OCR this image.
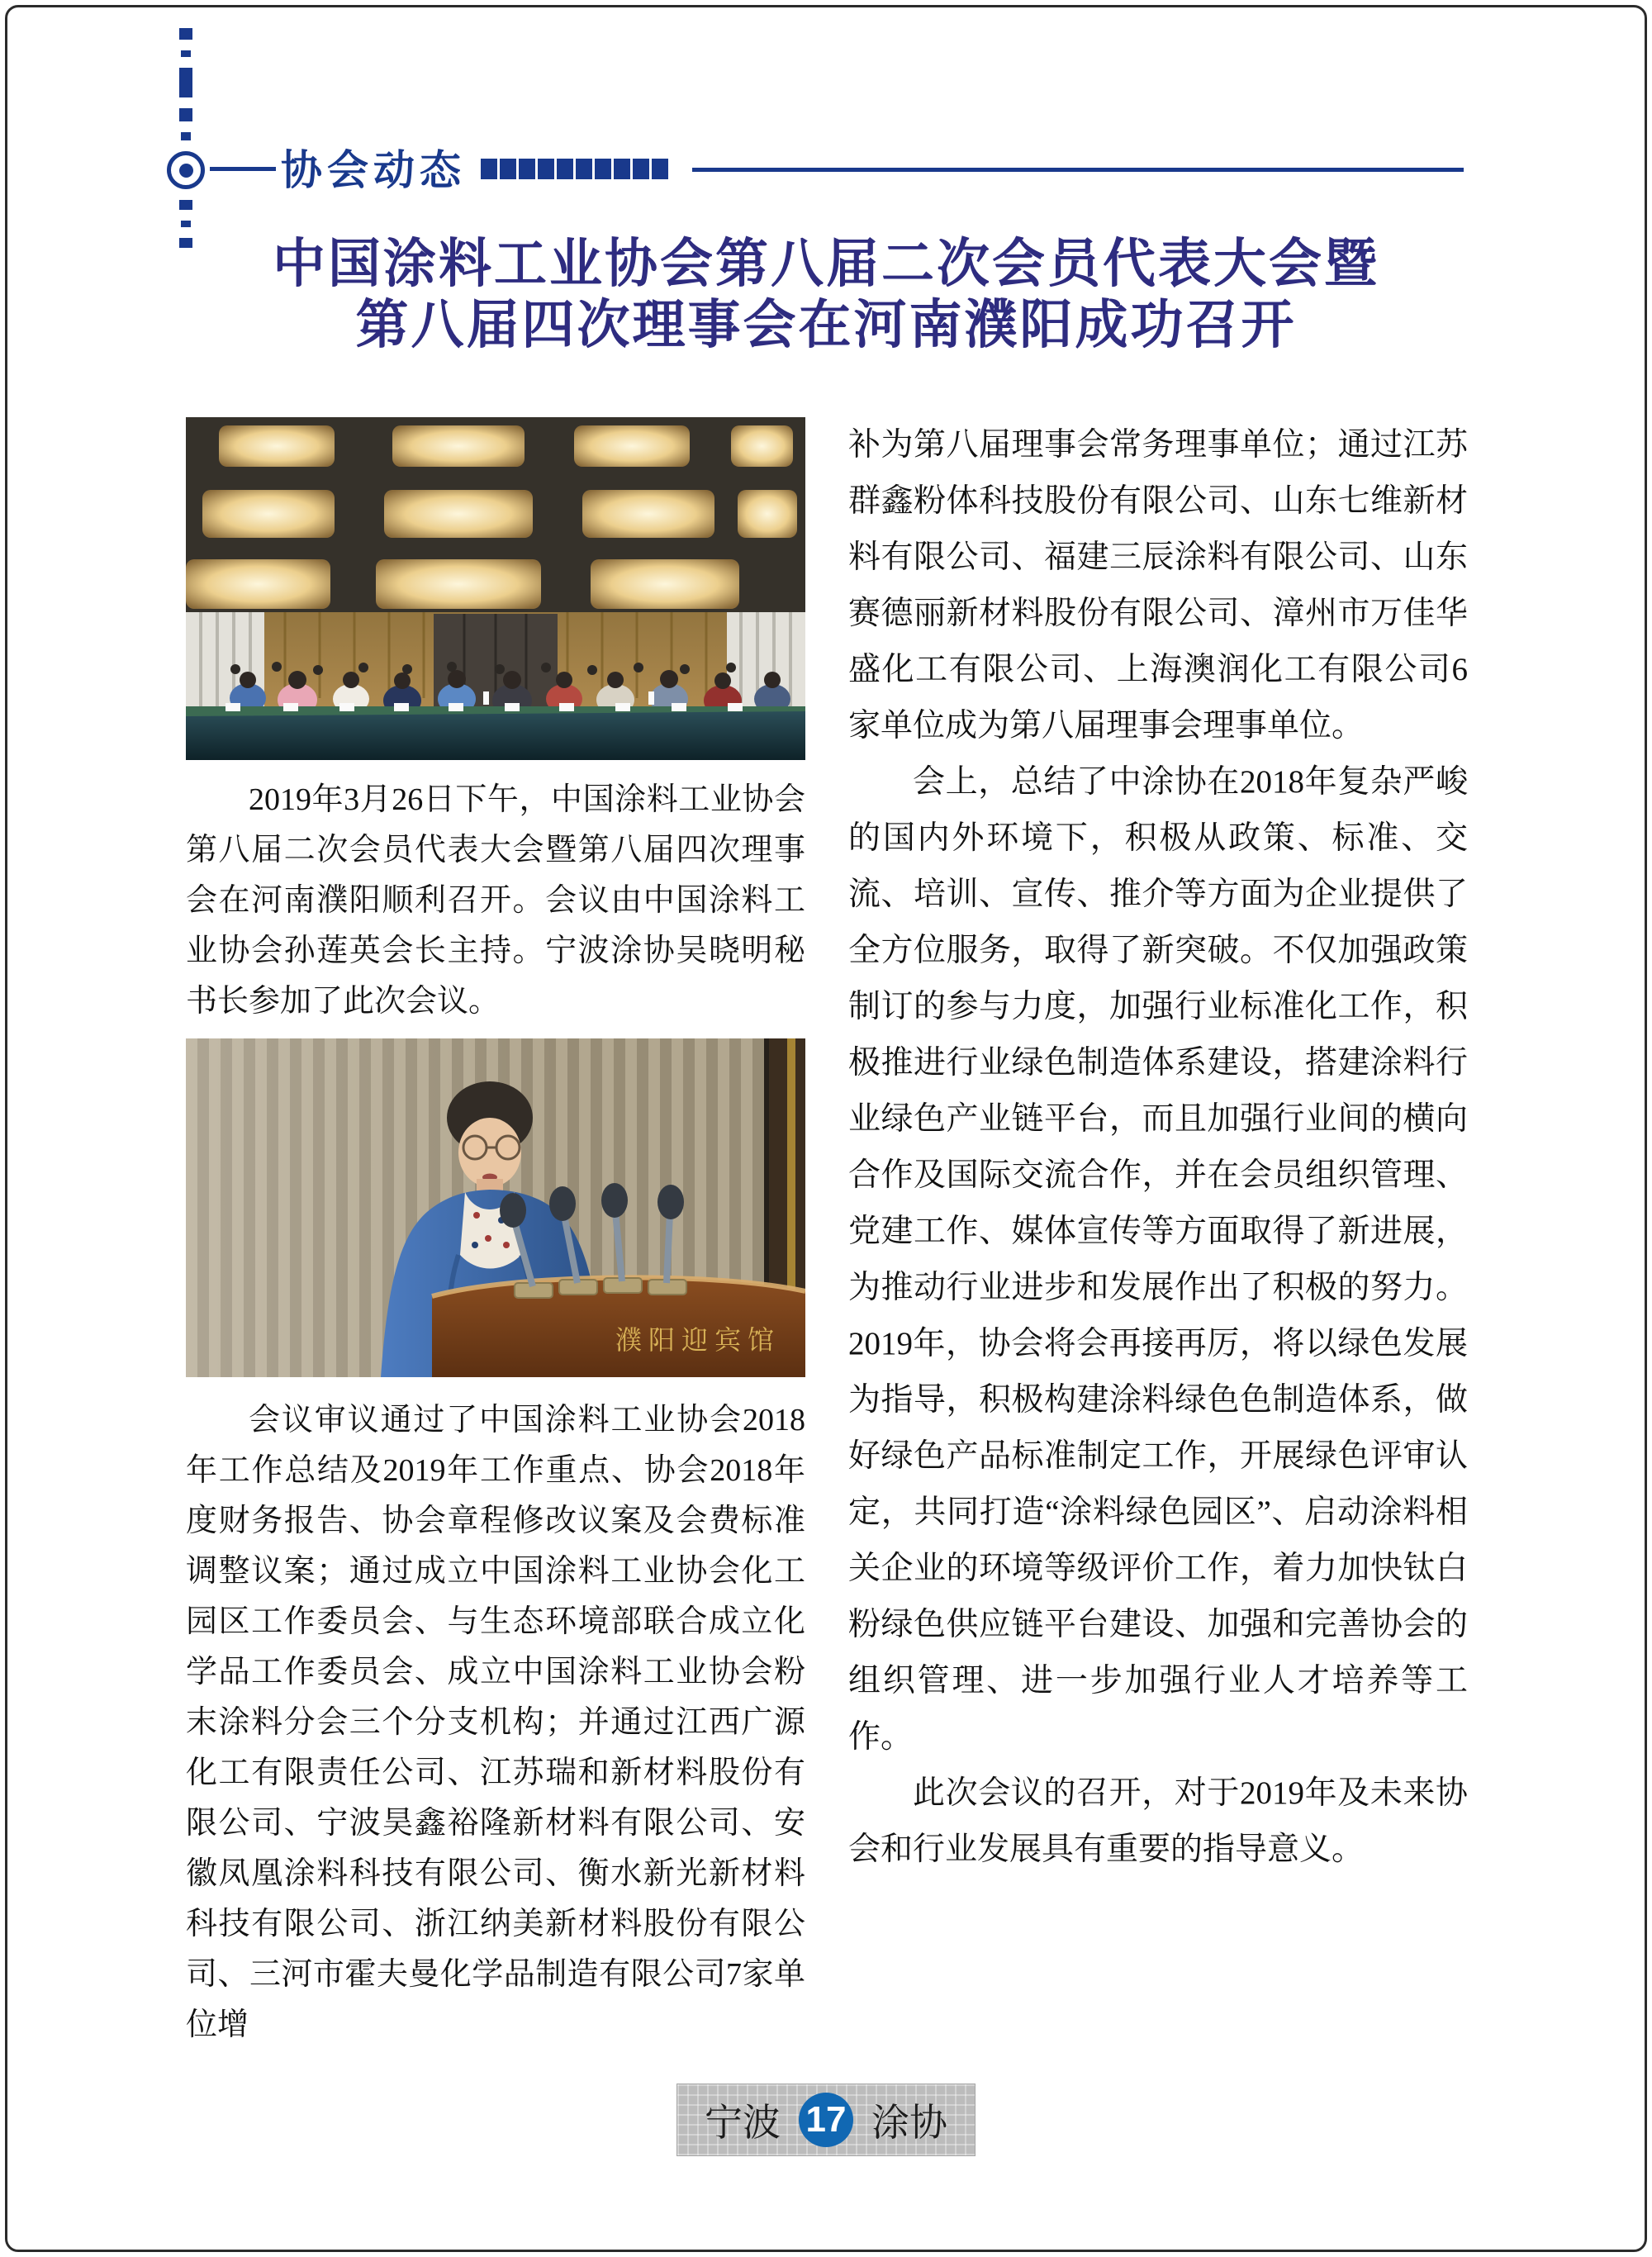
协会动态
中国涂料工业协会第八届二次会员代表大会暨
第八届四次理事会在河南濮阳成功召开

2019年3月26日下午，中国涂料工业协会第八届二次会员代表大会暨第八届四次理事会在河南濮阳顺利召开。会议由中国涂料工业协会孙莲英会长主持。宁波涂协吴晓明秘书长参加了此次会议。

濮阳迎宾馆

会议审议通过了中国涂料工业协会2018年工作总结及2019年工作重点、协会2018年度财务报告、协会章程修改议案及会费标准调整议案；通过成立中国涂料工业协会化工园区工作委员会、与生态环境部联合成立化学品工作委员会、成立中国涂料工业协会粉末涂料分会三个分支机构；并通过江西广源化工有限责任公司、江苏瑞和新材料股份有限公司、宁波昊鑫裕隆新材料有限公司、安徽凤凰涂料科技有限公司、衡水新光新材料科技有限公司、浙江纳美新材料股份有限公司、三河市霍夫曼化学品制造有限公司7家单位增

补为第八届理事会常务理事单位；通过江苏群鑫粉体科技股份有限公司、山东七维新材料有限公司、福建三辰涂料有限公司、山东赛德丽新材料股份有限公司、漳州市万佳华盛化工有限公司、上海澳润化工有限公司6家单位成为第八届理事会理事单位。

会上，总结了中涂协在2018年复杂严峻的国内外环境下，积极从政策、标准、交流、培训、宣传、推介等方面为企业提供了全方位服务，取得了新突破。不仅加强政策制订的参与力度，加强行业标准化工作，积极推进行业绿色制造体系建设，搭建涂料行业绿色产业链平台，而且加强行业间的横向合作及国际交流合作，并在会员组织管理、党建工作、媒体宣传等方面取得了新进展，为推动行业进步和发展作出了积极的努力。2019年，协会将会再接再厉，将以绿色发展为指导，积极构建涂料绿色色制造体系，做好绿色产品标准制定工作，开展绿色评审认定，共同打造“涂料绿色园区”、启动涂料相关企业的环境等级评价工作，着力加快钛白粉绿色供应链平台建设、加强和完善协会的组织管理、进一步加强行业人才培养等工作。

此次会议的召开，对于2019年及未来协会和行业发展具有重要的指导意义。

宁波 17 涂协
